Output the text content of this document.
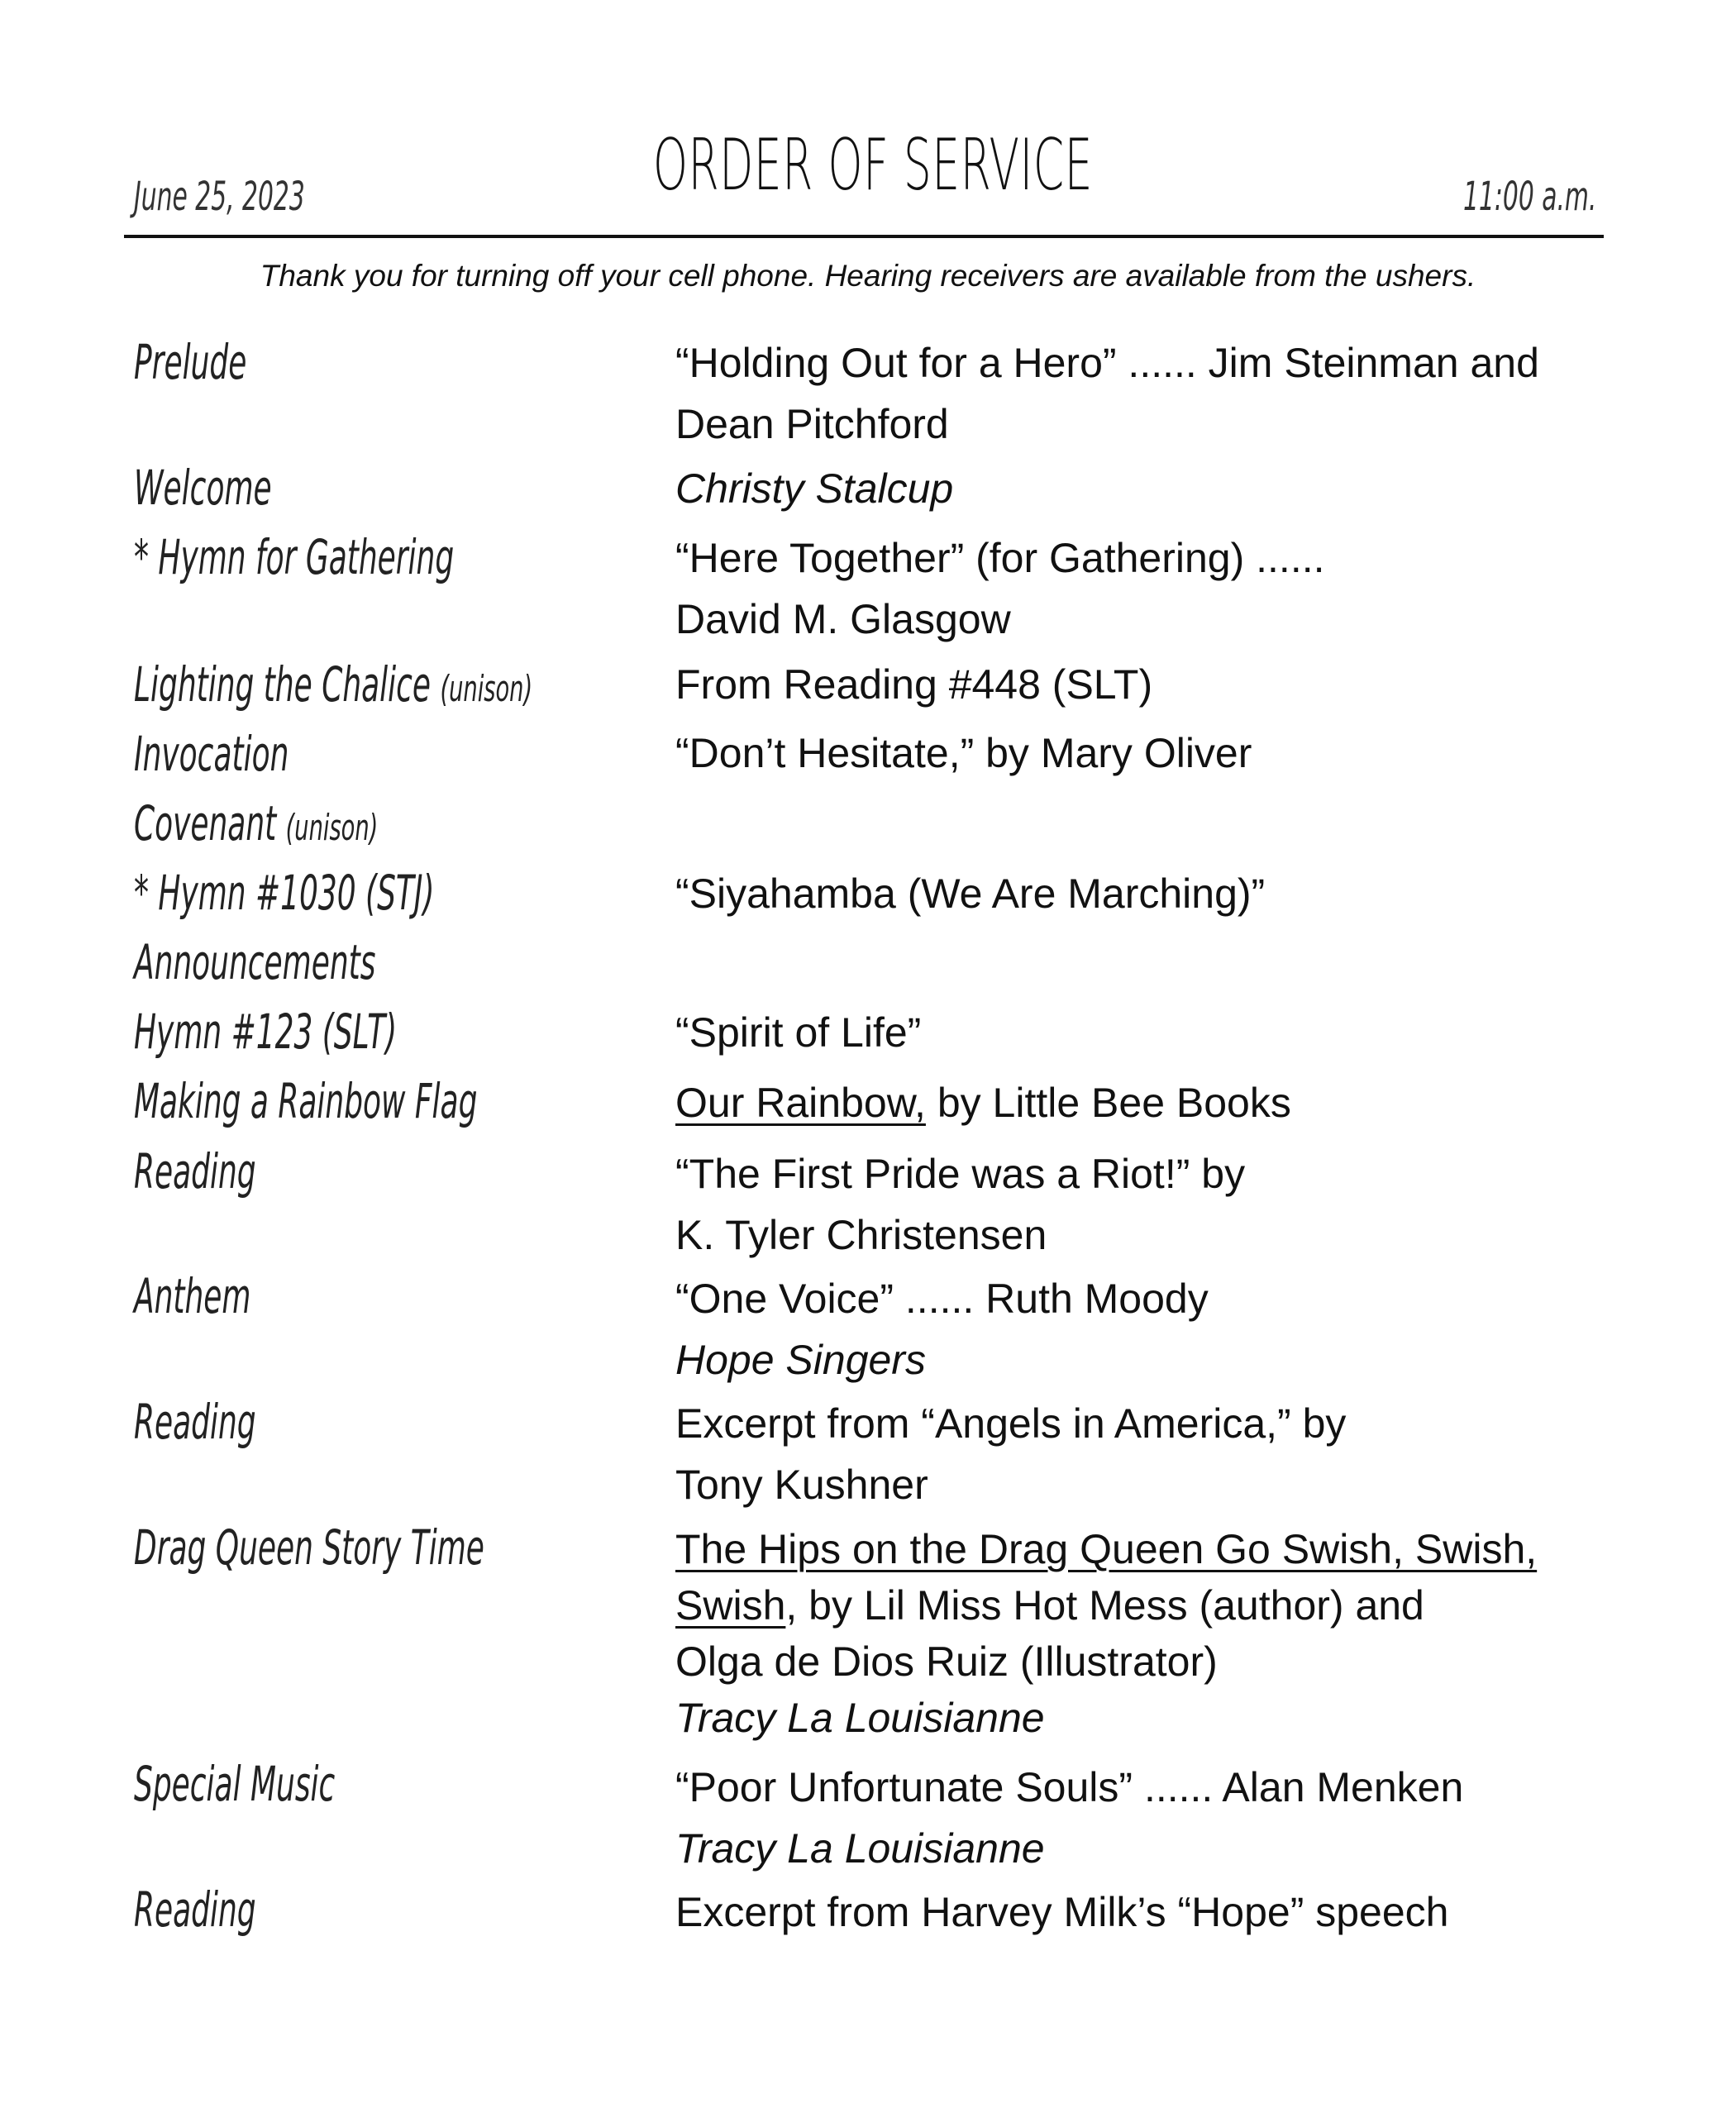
June 25, 2023	ORDER OF SERVICE	11:00 a.m.
Thank you for turning off your cell phone. Hearing receivers are available from the ushers.
Prelude	“Holding Out for a Hero” ...... Jim Steinman and
Dean Pitchford
Welcome	Christy Stalcup
* Hymn for Gathering	“Here Together” (for Gathering) ......
David M. Glasgow
Lighting the Chalice (unison)	From Reading #448 (SLT)
Invocation	“Don’t Hesitate,” by Mary Oliver
Covenant (unison)
* Hymn #1030 (STJ)	“Siyahamba (We Are Marching)”
Announcements
Hymn #123 (SLT)	“Spirit of Life”
Making a Rainbow Flag	Our Rainbow, by Little Bee Books
Reading	“The First Pride was a Riot!” by
K. Tyler Christensen
Anthem	“One Voice” ...... Ruth Moody
Hope Singers
Reading	Excerpt from “Angels in America,” by
Tony Kushner
Drag Queen Story Time	The Hips on the Drag Queen Go Swish, Swish,
Swish, by Lil Miss Hot Mess (author) and
Olga de Dios Ruiz (Illustrator)
Tracy La Louisianne
Special Music	“Poor Unfortunate Souls” ...... Alan Menken
Tracy La Louisianne
Reading	Excerpt from Harvey Milk’s “Hope” speech
